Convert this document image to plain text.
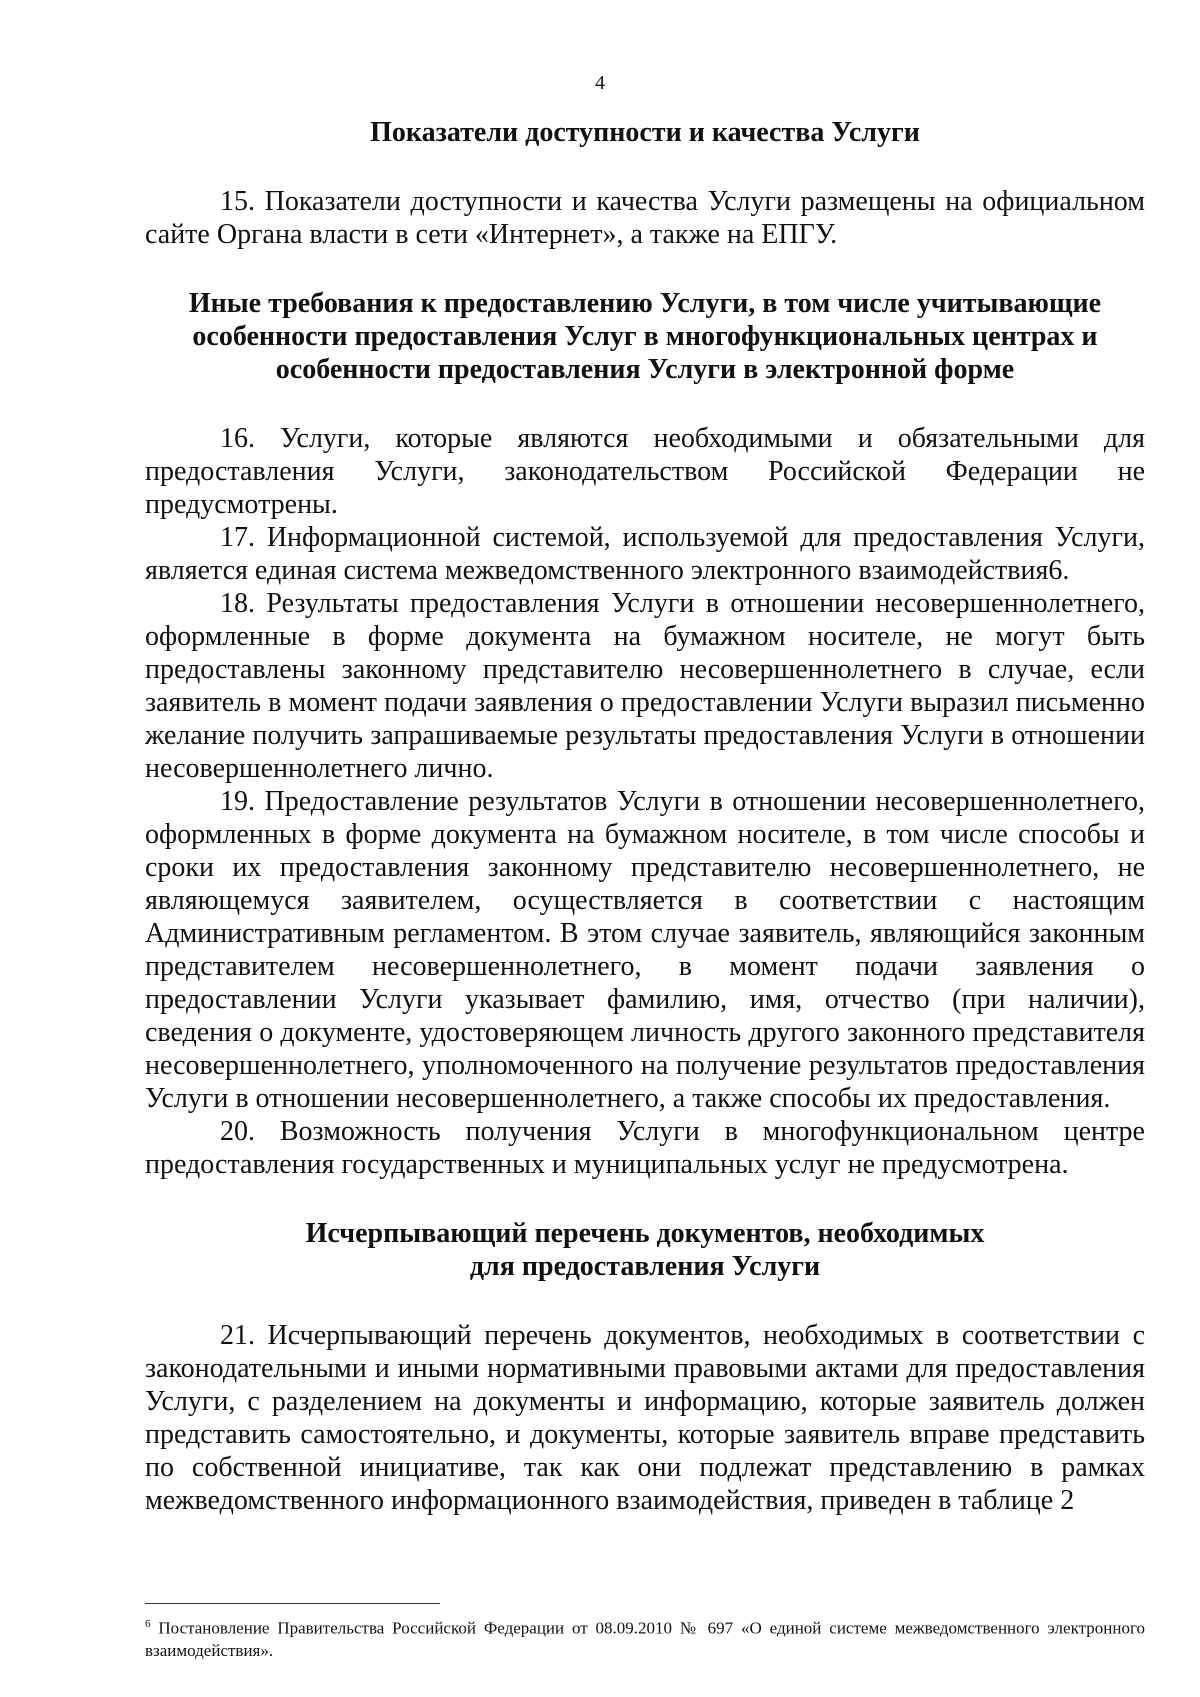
4
Показатели доступности и качества Услуги

15. Показатели доступности и качества Услуги размещены на официальном сайте Органа власти в сети «Интернет», а также на ЕПГУ.

Иные требования к предоставлению Услуги, в том числе учитывающие
особенности предоставления Услуг в многофункциональных центрах и
особенности предоставления Услуги в электронной форме

16. Услуги, которые являются необходимыми и обязательными для предоставления Услуги, законодательством Российской Федерации не предусмотрены.

17. Информационной системой, используемой для предоставления Услуги, является единая система межведомственного электронного взаимодействия6.

18. Результаты предоставления Услуги в отношении несовершеннолетнего, оформленные в форме документа на бумажном носителе, не могут быть предоставлены законному представителю несовершеннолетнего в случае, если заявитель в момент подачи заявления о предоставлении Услуги выразил письменно желание получить запрашиваемые результаты предоставления Услуги в отношении несовершеннолетнего лично.

19. Предоставление результатов Услуги в отношении несовершеннолетнего, оформленных в форме документа на бумажном носителе, в том числе способы и сроки их предоставления законному представителю несовершеннолетнего, не являющемуся заявителем, осуществляется в соответствии с настоящим Административным регламентом. В этом случае заявитель, являющийся законным представителем несовершеннолетнего, в момент подачи заявления о предоставлении Услуги указывает фамилию, имя, отчество (при наличии), сведения о документе, удостоверяющем личность другого законного представителя несовершеннолетнего, уполномоченного на получение результатов предоставления Услуги в отношении несовершеннолетнего, а также способы их предоставления.

20. Возможность получения Услуги в многофункциональном центре предоставления государственных и муниципальных услуг не предусмотрена.

Исчерпывающий перечень документов, необходимых
для предоставления Услуги

21. Исчерпывающий перечень документов, необходимых в соответствии с законодательными и иными нормативными правовыми актами для предоставления Услуги, с разделением на документы и информацию, которые заявитель должен представить самостоятельно, и документы, которые заявитель вправе представить по собственной инициативе, так как они подлежат представлению в рамках межведомственного информационного взаимодействия, приведен в таблице 2

$^6$ Постановление Правительства Российской Федерации от 08.09.2010 № 697 «О единой системе межведомственного электронного взаимодействия».
